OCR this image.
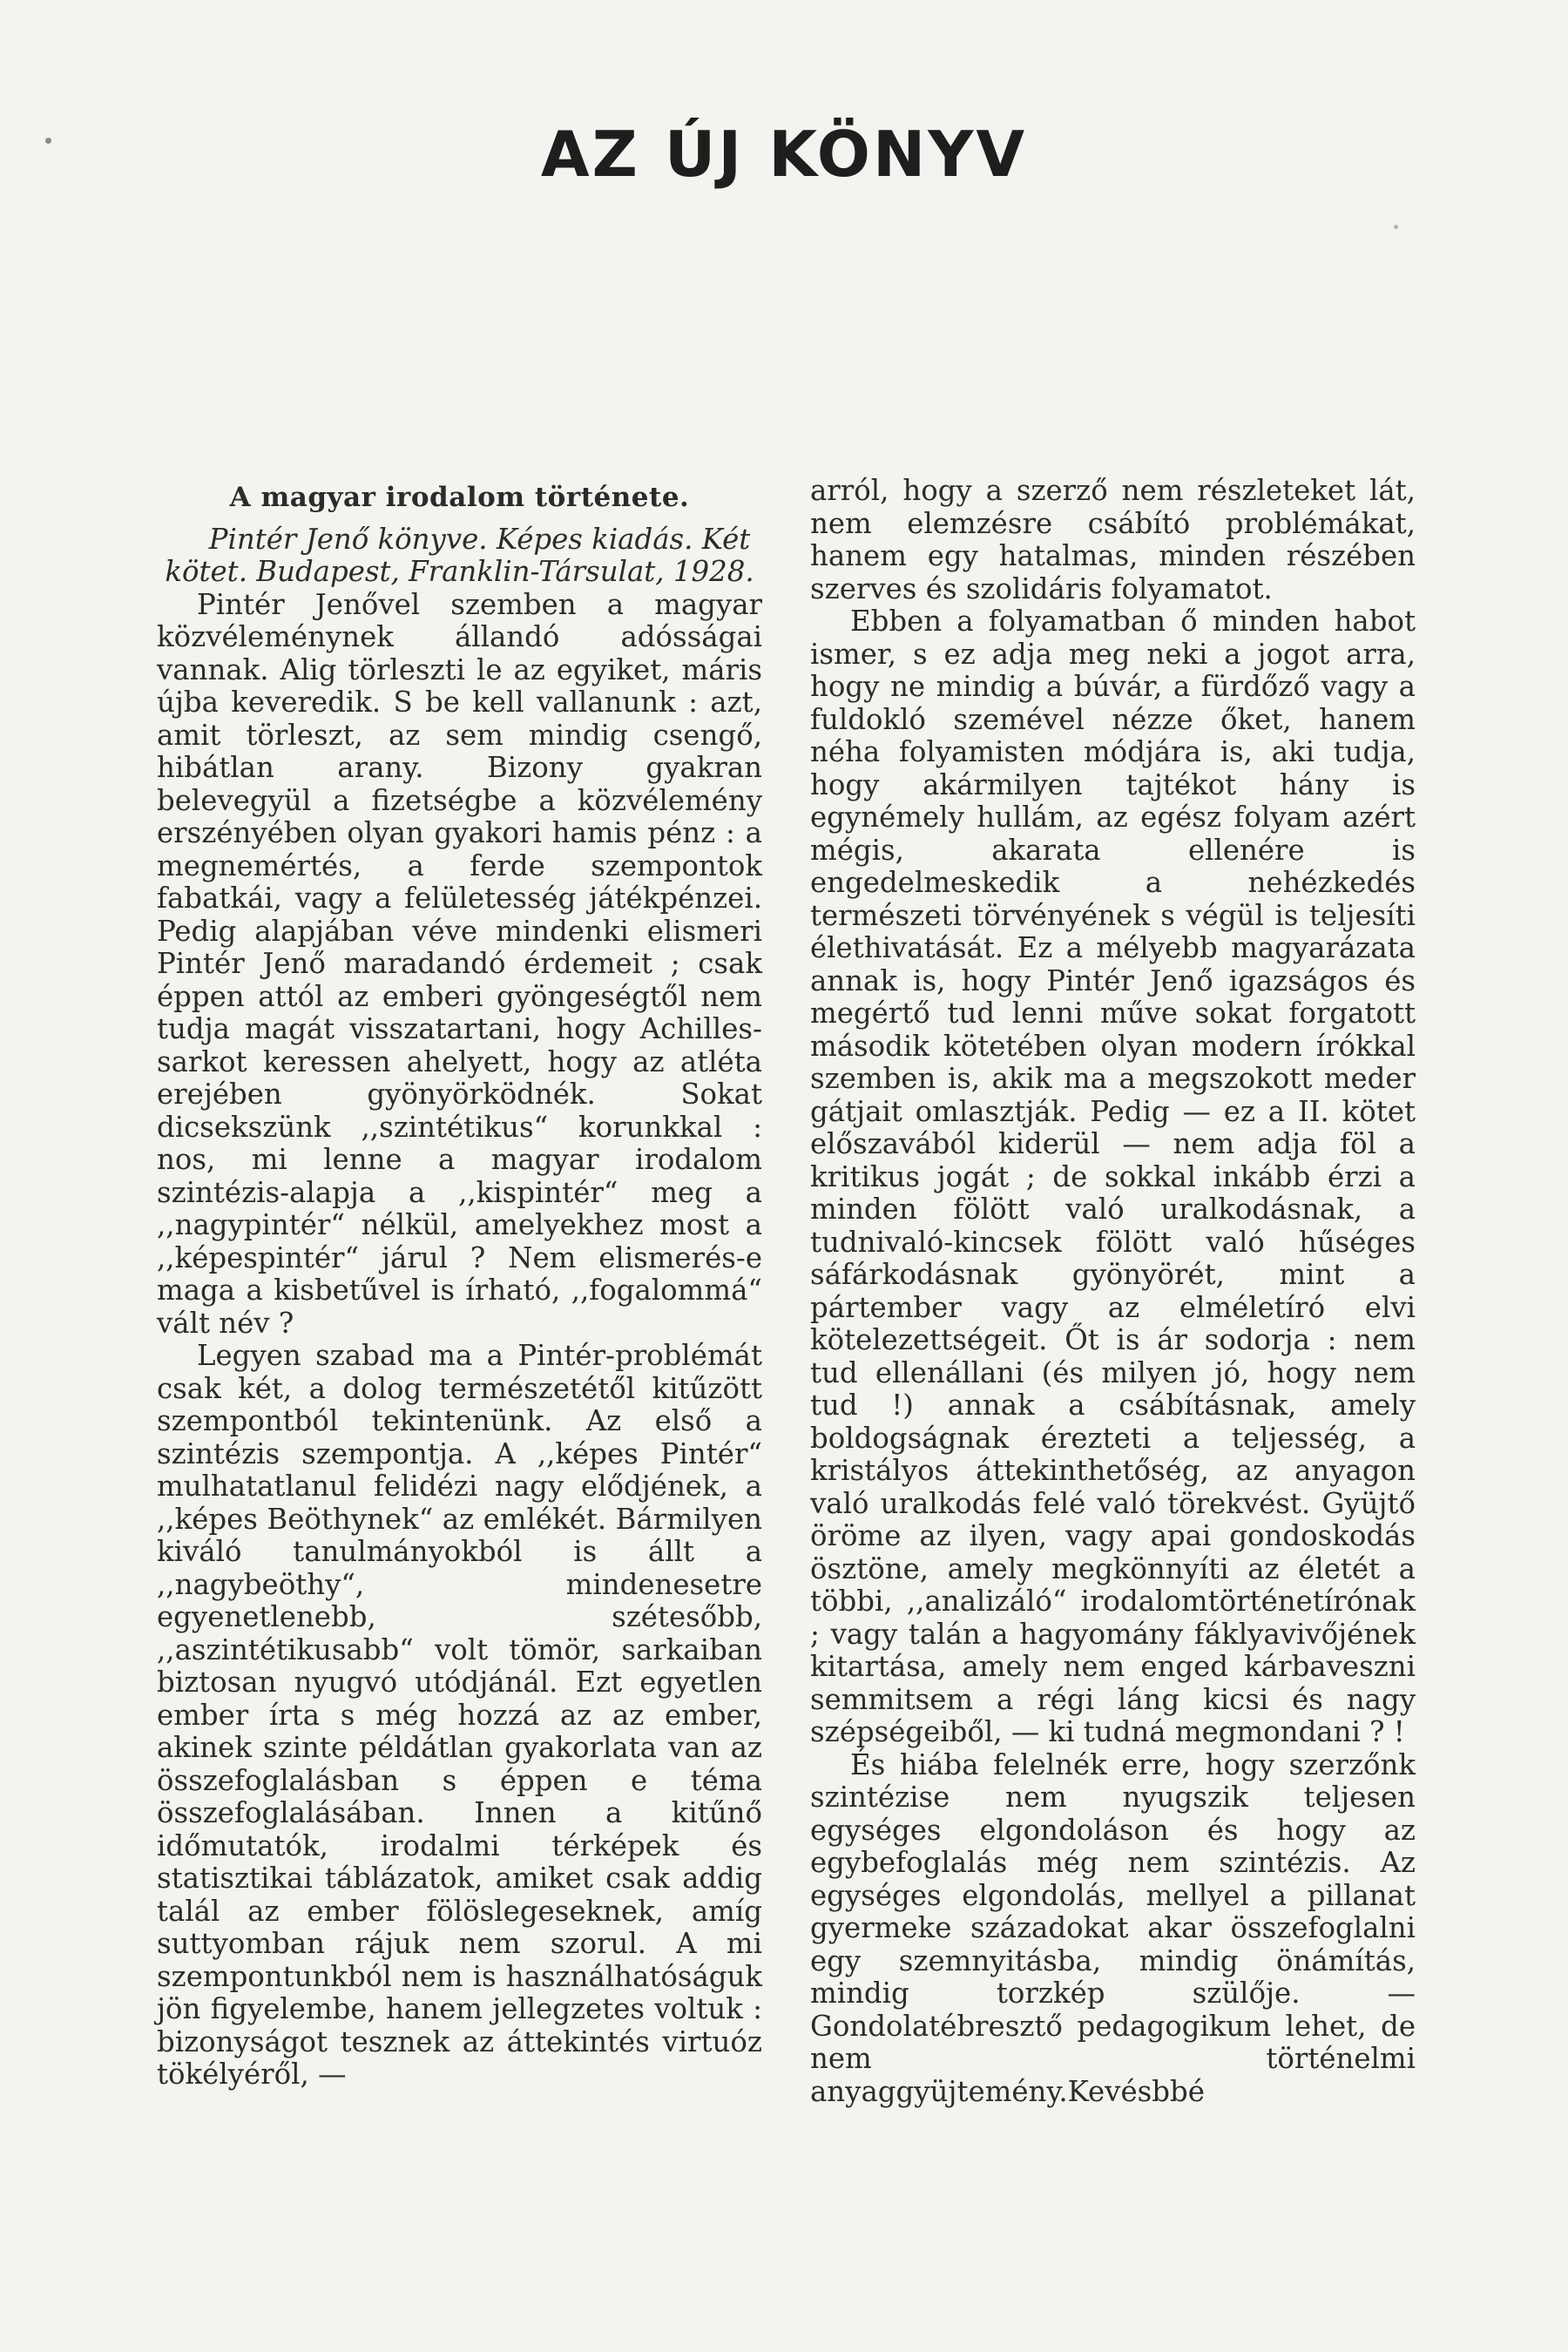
AZ ÚJ KÖNYV
A magyar irodalom története.

Pintér Jenő könyve. Képes kiadás. Két kötet. Budapest, Franklin-Társulat, 1928.

Pintér Jenővel szemben a magyar közvéleménynek állandó adósságai vannak. Alig törleszti le az egyiket, máris újba keveredik. S be kell vallanunk : azt, amit törleszt, az sem mindig csengő, hibátlan arany. Bizony gyakran belevegyül a fizetségbe a közvélemény erszényében olyan gyakori hamis pénz : a megnemértés, a ferde szempontok fabatkái, vagy a felületesség játékpénzei. Pedig alapjában véve mindenki elismeri Pintér Jenő maradandó érdemeit ; csak éppen attól az emberi gyöngeségtől nem tudja magát visszatartani, hogy Achilles-sarkot keressen ahelyett, hogy az atléta erejében gyönyörködnék. Sokat dicsekszünk ,,szintétikus“ korunkkal : nos, mi lenne a magyar irodalom szintézis-alapja a ,,kispintér“ meg a ,,nagypintér“ nélkül, amelyekhez most a ,,képespintér“ járul ? Nem elismerés-e maga a kisbetűvel is írható, ,,fogalommá“ vált név ?

Legyen szabad ma a Pintér-problémát csak két, a dolog természetétől kitűzött szempontból tekintenünk. Az első a szintézis szempontja. A ,,képes Pintér“ mulhatatlanul felidézi nagy elődjének, a ,,képes Beöthynek“ az emlékét. Bármilyen kiváló tanulmányokból is állt a ,,nagybeöthy“, mindenesetre egyenetlenebb, szétesőbb, ,,aszintétikusabb“ volt tömör, sarkaiban biztosan nyugvó utódjánál. Ezt egyetlen ember írta s még hozzá az az ember, akinek szinte példátlan gyakorlata van az összefoglalásban s éppen e téma összefoglalásában. Innen a kitűnő időmutatók, irodalmi térképek és statisztikai táblázatok, amiket csak addig talál az ember fölöslegeseknek, amíg suttyomban rájuk nem szorul. A mi szempontunkból nem is használhatóságuk jön figyelembe, hanem jellegzetes voltuk : bizonyságot tesznek az áttekintés virtuóz tökélyéről, —

arról, hogy a szerző nem részleteket lát, nem elemzésre csábító problémákat, hanem egy hatalmas, minden részében szerves és szolidáris folyamatot.

Ebben a folyamatban ő minden habot ismer, s ez adja meg neki a jogot arra, hogy ne mindig a búvár, a fürdőző vagy a fuldokló szemével nézze őket, hanem néha folyamisten módjára is, aki tudja, hogy akármilyen tajtékot hány is egynémely hullám, az egész folyam azért mégis, akarata ellenére is engedelmeskedik a nehézkedés természeti törvényének s végül is teljesíti élethivatását. Ez a mélyebb magyarázata annak is, hogy Pintér Jenő igazságos és megértő tud lenni műve sokat forgatott második kötetében olyan modern írókkal szemben is, akik ma a megszokott meder gátjait omlasztják. Pedig — ez a II. kötet előszavából kiderül — nem adja föl a kritikus jogát ; de sokkal inkább érzi a minden fölött való uralkodásnak, a tudnivaló-kincsek fölött való hűséges sáfárkodásnak gyönyörét, mint a pártember vagy az elméletíró elvi kötelezettségeit. Őt is ár sodorja : nem tud ellenállani (és milyen jó, hogy nem tud !) annak a csábításnak, amely boldogságnak érezteti a teljesség, a kristályos áttekinthetőség, az anyagon való uralkodás felé való törekvést. Gyüjtő öröme az ilyen, vagy apai gondoskodás ösztöne, amely megkönnyíti az életét a többi, ,,analizáló“ irodalomtörténetírónak ; vagy talán a hagyomány fáklyavivőjének kitartása, amely nem enged kárbaveszni semmitsem a régi láng kicsi és nagy szépségeiből, — ki tudná megmondani ? !

És hiába felelnék erre, hogy szerzőnk szintézise nem nyugszik teljesen egységes elgondoláson és hogy az egybefoglalás még nem szintézis. Az egységes elgondolás, mellyel a pillanat gyermeke századokat akar összefoglalni egy szemnyitásba, mindig önámítás, mindig torzkép szülője. — Gondolatébresztő pedagogikum lehet, de nem történelmi anyaggyüjtemény.Kevésbbé
